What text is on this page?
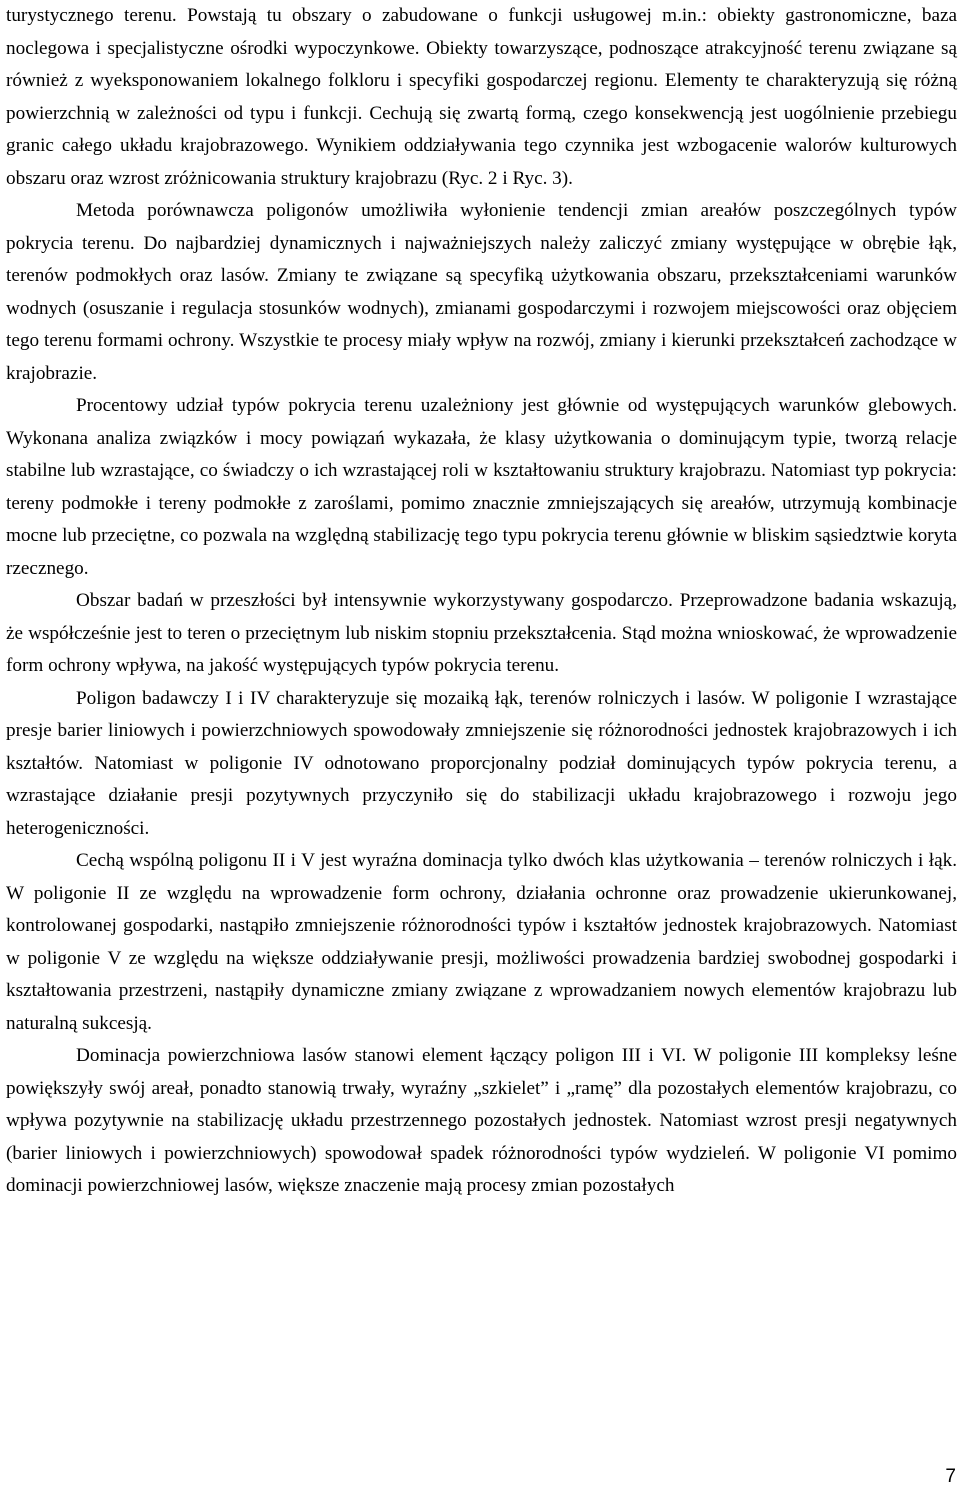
turystycznego terenu. Powstają tu obszary o zabudowane o funkcji usługowej m.in.: obiekty gastronomiczne, baza noclegowa i specjalistyczne ośrodki wypoczynkowe. Obiekty towarzyszące, podnoszące atrakcyjność terenu związane są również z wyeksponowaniem lokalnego folkloru i specyfiki gospodarczej regionu. Elementy te charakteryzują się różną powierzchnią w zależności od typu i funkcji. Cechują się zwartą formą, czego konsekwencją jest uogólnienie przebiegu granic całego układu krajobrazowego. Wynikiem oddziaływania tego czynnika jest wzbogacenie walorów kulturowych obszaru oraz wzrost zróżnicowania struktury krajobrazu (Ryc. 2 i Ryc. 3).

Metoda porównawcza poligonów umożliwiła wyłonienie tendencji zmian areałów poszczególnych typów pokrycia terenu. Do najbardziej dynamicznych i najważniejszych należy zaliczyć zmiany występujące w obrębie łąk, terenów podmokłych oraz lasów. Zmiany te związane są specyfiką użytkowania obszaru, przekształceniami warunków wodnych (osuszanie i regulacja stosunków wodnych), zmianami gospodarczymi i rozwojem miejscowości oraz objęciem tego terenu formami ochrony. Wszystkie te procesy miały wpływ na rozwój, zmiany i kierunki przekształceń zachodzące w krajobrazie.

Procentowy udział typów pokrycia terenu uzależniony jest głównie od występujących warunków glebowych. Wykonana analiza związków i mocy powiązań wykazała, że klasy użytkowania o dominującym typie, tworzą relacje stabilne lub wzrastające, co świadczy o ich wzrastającej roli w kształtowaniu struktury krajobrazu. Natomiast typ pokrycia: tereny podmokłe i tereny podmokłe z zaroślami, pomimo znacznie zmniejszających się areałów, utrzymują kombinacje mocne lub przeciętne, co pozwala na względną stabilizację tego typu pokrycia terenu głównie w bliskim sąsiedztwie koryta rzecznego.

Obszar badań w przeszłości był intensywnie wykorzystywany gospodarczo. Przeprowadzone badania wskazują, że współcześnie jest to teren o przeciętnym lub niskim stopniu przekształcenia. Stąd można wnioskować, że wprowadzenie form ochrony wpływa, na jakość występujących typów pokrycia terenu.

Poligon badawczy I i IV charakteryzuje się mozaiką łąk, terenów rolniczych i lasów. W poligonie I wzrastające presje barier liniowych i powierzchniowych spowodowały zmniejszenie się różnorodności jednostek krajobrazowych i ich kształtów. Natomiast w poligonie IV odnotowano proporcjonalny podział dominujących typów pokrycia terenu, a wzrastające działanie presji pozytywnych przyczyniło się do stabilizacji układu krajobrazowego i rozwoju jego heterogeniczności.

Cechą wspólną poligonu II i V jest wyraźna dominacja tylko dwóch klas użytkowania – terenów rolniczych i łąk. W poligonie II ze względu na wprowadzenie form ochrony, działania ochronne oraz prowadzenie ukierunkowanej, kontrolowanej gospodarki, nastąpiło zmniejszenie różnorodności typów i kształtów jednostek krajobrazowych. Natomiast w poligonie V ze względu na większe oddziaływanie presji, możliwości prowadzenia bardziej swobodnej gospodarki i kształtowania przestrzeni, nastąpiły dynamiczne zmiany związane z wprowadzaniem nowych elementów krajobrazu lub naturalną sukcesją.

Dominacja powierzchniowa lasów stanowi element łączący poligon III i VI. W poligonie III kompleksy leśne powiększyły swój areał, ponadto stanowią trwały, wyraźny „szkielet” i „ramę” dla pozostałych elementów krajobrazu, co wpływa pozytywnie na stabilizację układu przestrzennego pozostałych jednostek. Natomiast wzrost presji negatywnych (barier liniowych i powierzchniowych) spowodował spadek różnorodności typów wydzieleń. W poligonie VI pomimo dominacji powierzchniowej lasów, większe znaczenie mają procesy zmian pozostałych

7
